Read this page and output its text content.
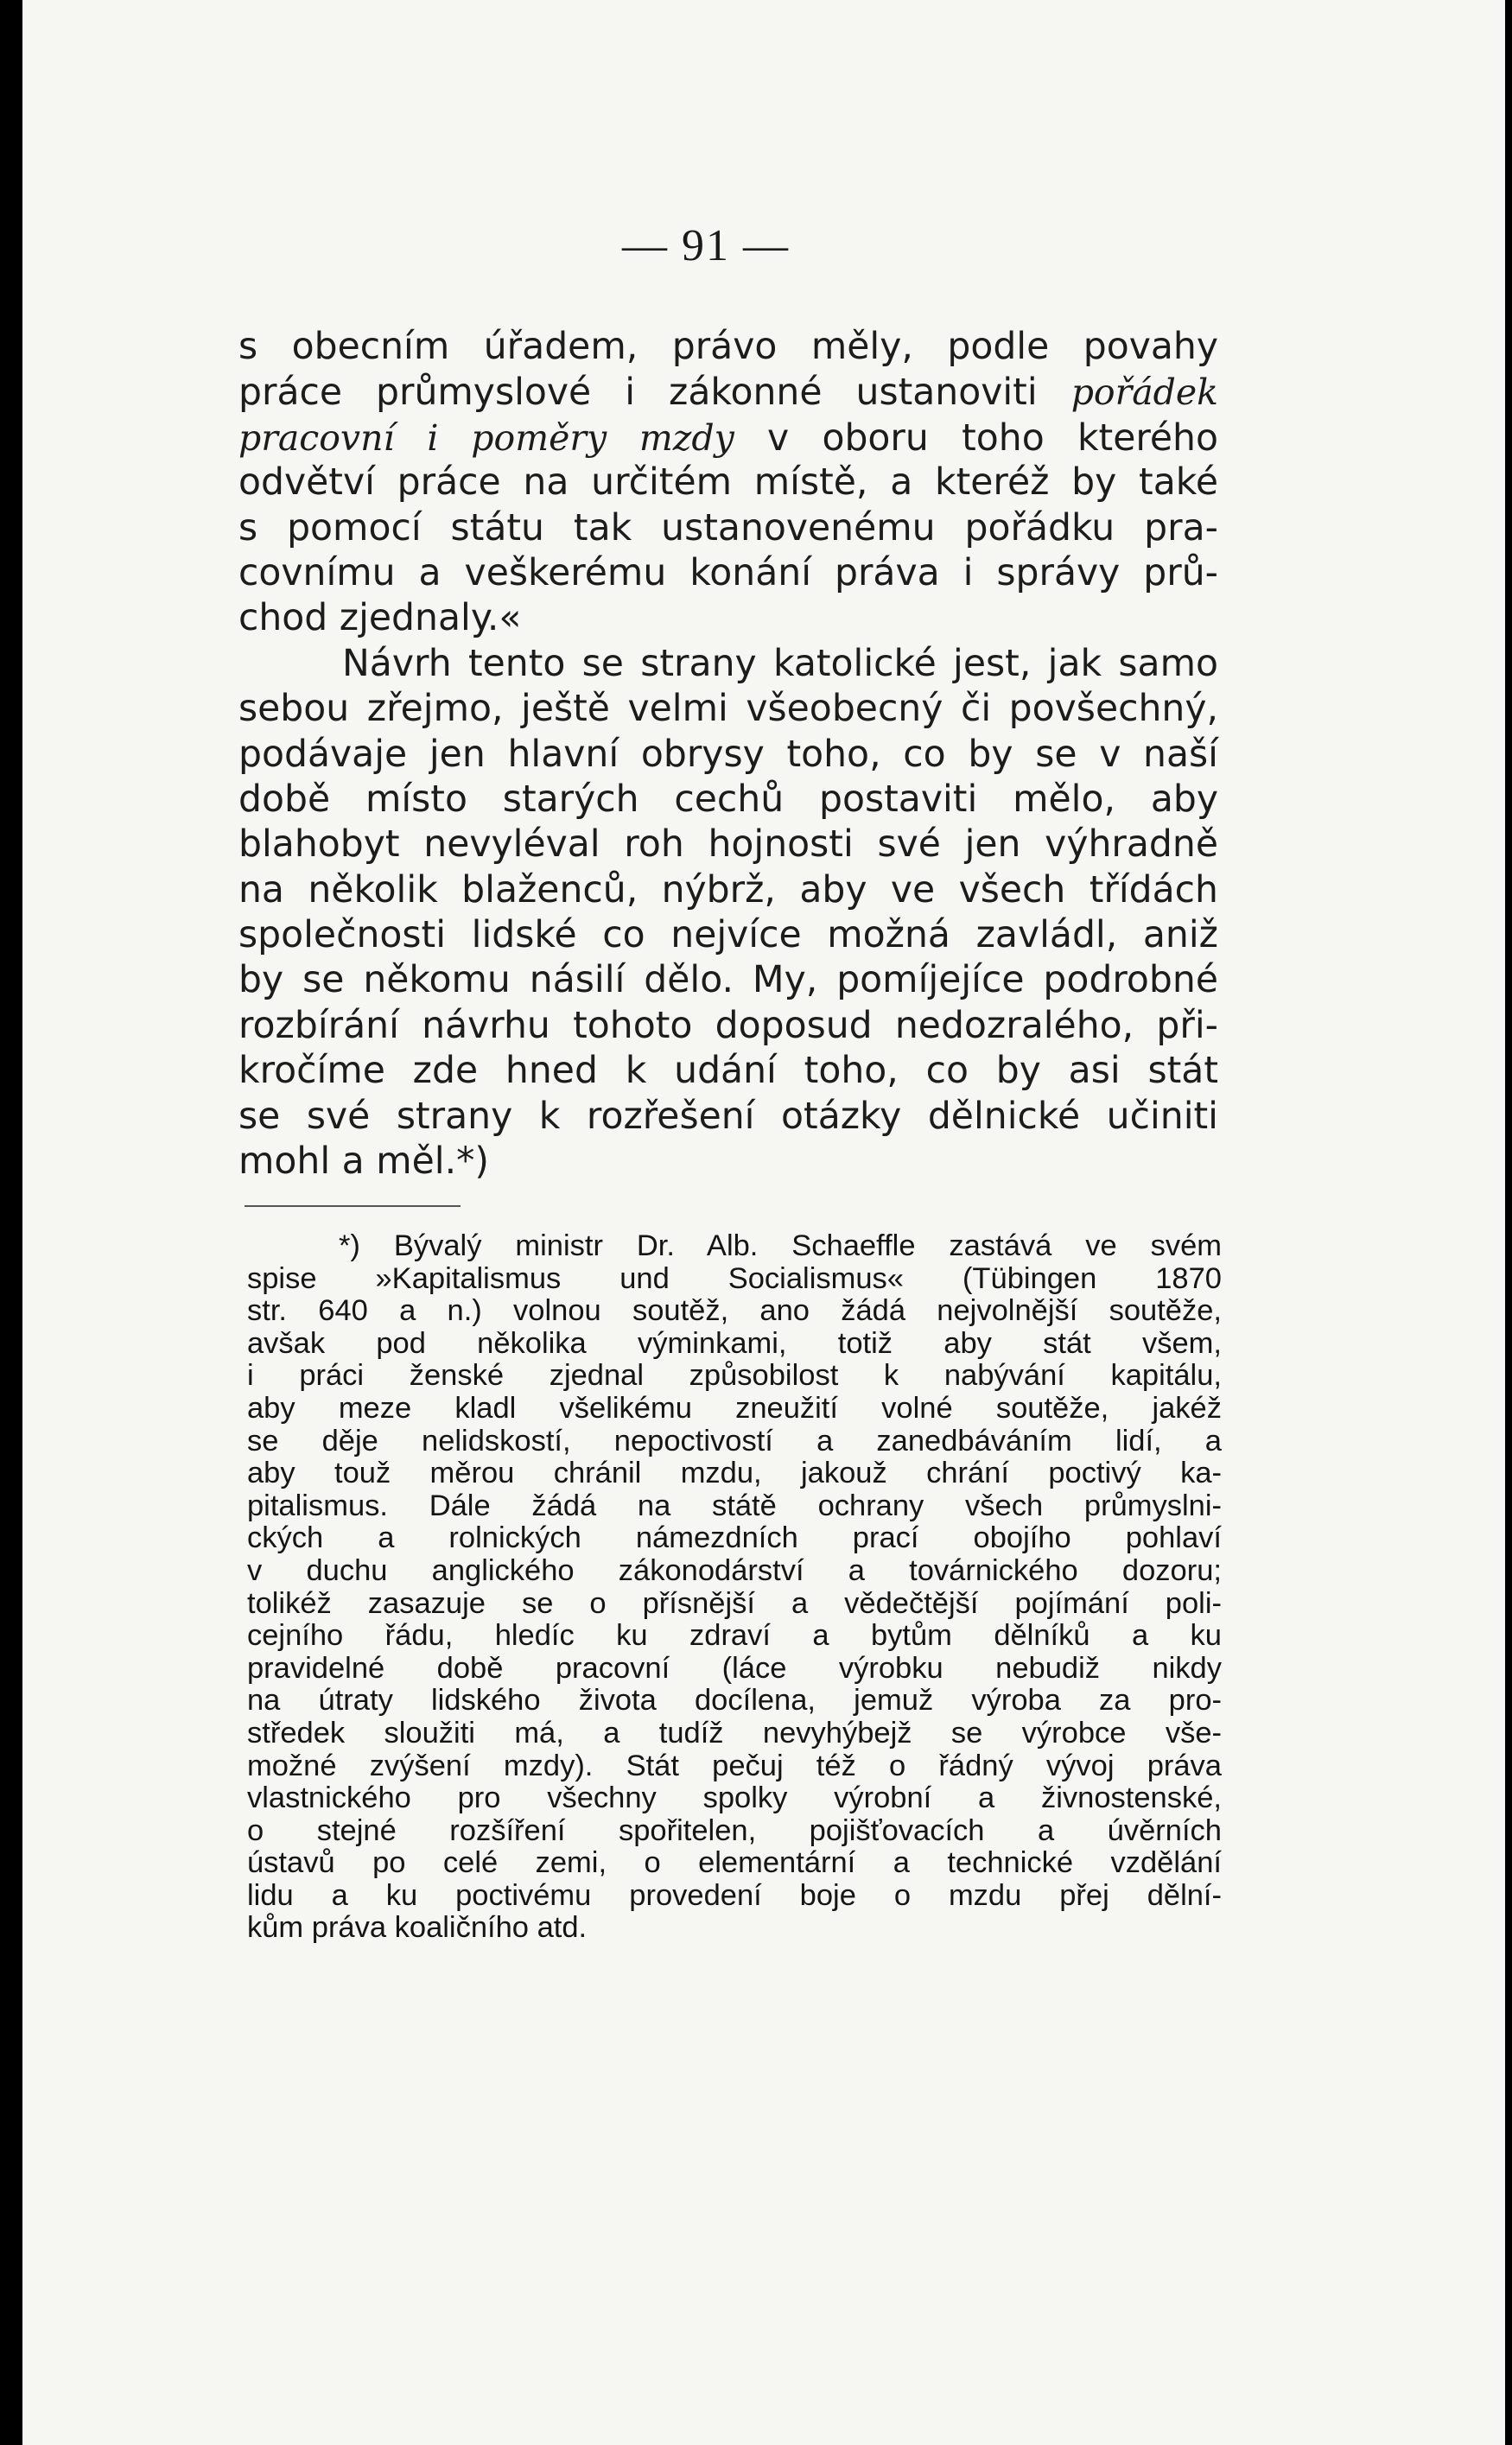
— 91 —
s obecním úřadem, právo měly, podle povahy
práce průmyslové i zákonné ustanoviti pořádek
pracovní i poměry mzdy v oboru toho kterého
odvětví práce na určitém místě, a kteréž by také
s pomocí státu tak ustanovenému pořádku pra-
covnímu a veškerému konání práva i správy prů-
chod zjednaly.«
Návrh tento se strany katolické jest, jak samo
sebou zřejmo, ještě velmi všeobecný či povšechný,
podávaje jen hlavní obrysy toho, co by se v naší
době místo starých cechů postaviti mělo, aby
blahobyt nevyléval roh hojnosti své jen výhradně
na několik blaženců, nýbrž, aby ve všech třídách
společnosti lidské co nejvíce možná zavládl, aniž
by se někomu násilí dělo. My, pomíjejíce podrobné
rozbírání návrhu tohoto doposud nedozralého, při-
kročíme zde hned k udání toho, co by asi stát
se své strany k rozřešení otázky dělnické učiniti
mohl a měl.*)
*) Bývalý ministr Dr. Alb. Schaeffle zastává ve svém
spise »Kapitalismus und Socialismus« (Tübingen 1870
str. 640 a n.) volnou soutěž, ano žádá nejvolnější soutěže,
avšak pod několika výminkami, totiž aby stát všem,
i práci ženské zjednal způsobilost k nabývání kapitálu,
aby meze kladl všelikému zneužití volné soutěže, jakéž
se děje nelidskostí, nepoctivostí a zanedbáváním lidí, a
aby touž měrou chránil mzdu, jakouž chrání poctivý ka-
pitalismus. Dále žádá na státě ochrany všech průmyslni-
ckých a rolnických námezdních prací obojího pohlaví
v duchu anglického zákonodárství a továrnického dozoru;
tolikéž zasazuje se o přísnější a vědečtější pojímání poli-
cejního řádu, hledíc ku zdraví a bytům dělníků a ku
pravidelné době pracovní (láce výrobku nebudiž nikdy
na útraty lidského života docílena, jemuž výroba za pro-
středek sloužiti má, a tudíž nevyhýbejž se výrobce vše-
možné zvýšení mzdy). Stát pečuj též o řádný vývoj práva
vlastnického pro všechny spolky výrobní a živnostenské,
o stejné rozšíření spořitelen, pojišťovacích a úvěrních
ústavů po celé zemi, o elementární a technické vzdělání
lidu a ku poctivému provedení boje o mzdu přej dělní-
kům práva koaličního atd.
